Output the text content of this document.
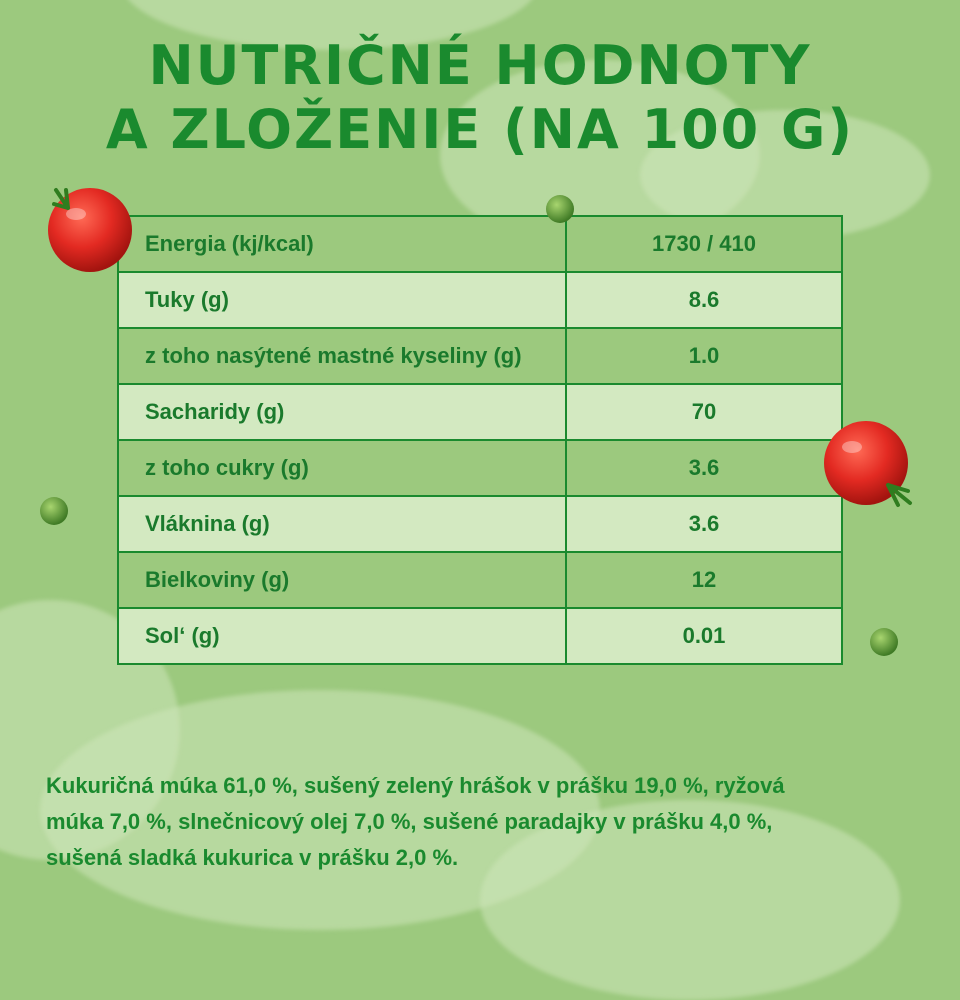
NUTRIČNÉ HODNOTY
A ZLOŽENIE (NA 100 G)
Energia (kj/kcal)	1730 / 410
Tuky (g)	8.6
z toho nasýtené mastné kyseliny (g)	1.0
Sacharidy (g)	70
z toho cukry (g)	3.6
Vláknina (g)	3.6
Bielkoviny (g)	12
Sol‘ (g)	0.01
Kukuričná múka 61,0 %, sušený zelený hrášok v prášku 19,0 %, ryžová
múka 7,0 %, slnečnicový olej 7,0 %, sušené paradajky v prášku 4,0 %,
sušená sladká kukurica v prášku 2,0 %.
